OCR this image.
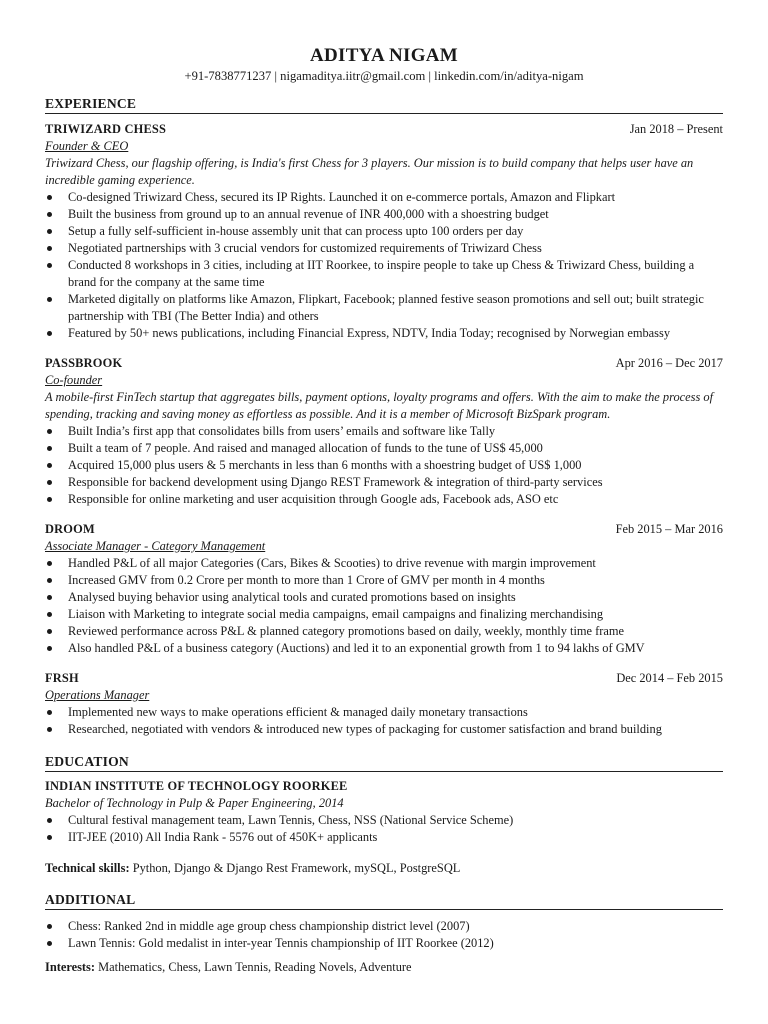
ADITYA NIGAM
+91-7838771237 | nigamaditya.iitr@gmail.com | linkedin.com/in/aditya-nigam
EXPERIENCE
TRIWIZARD CHESS	Jan 2018 – Present
Founder & CEO
Triwizard Chess, our flagship offering, is India's first Chess for 3 players. Our mission is to build company that helps user have an incredible gaming experience.
Co-designed Triwizard Chess, secured its IP Rights. Launched it on e-commerce portals, Amazon and Flipkart
Built the business from ground up to an annual revenue of INR 400,000 with a shoestring budget
Setup a fully self-sufficient in-house assembly unit that can process upto 100 orders per day
Negotiated partnerships with 3 crucial vendors for customized requirements of Triwizard Chess
Conducted 8 workshops in 3 cities, including at IIT Roorkee, to inspire people to take up Chess & Triwizard Chess, building a brand for the company at the same time
Marketed digitally on platforms like Amazon, Flipkart, Facebook; planned festive season promotions and sell out; built strategic partnership with TBI (The Better India) and others
Featured by 50+ news publications, including Financial Express, NDTV, India Today; recognised by Norwegian embassy
PASSBROOK	Apr 2016 – Dec 2017
Co-founder
A mobile-first FinTech startup that aggregates bills, payment options, loyalty programs and offers. With the aim to make the process of spending, tracking and saving money as effortless as possible. And it is a member of Microsoft BizSpark program.
Built India’s first app that consolidates bills from users’ emails and software like Tally
Built a team of 7 people. And raised and managed allocation of funds to the tune of US$ 45,000
Acquired 15,000 plus users & 5 merchants in less than 6 months with a shoestring budget of US$ 1,000
Responsible for backend development using Django REST Framework & integration of third-party services
Responsible for online marketing and user acquisition through Google ads, Facebook ads, ASO etc
DROOM	Feb 2015 – Mar 2016
Associate Manager - Category Management
Handled P&L of all major Categories (Cars, Bikes & Scooties) to drive revenue with margin improvement
Increased GMV from 0.2 Crore per month to more than 1 Crore of GMV per month in 4 months
Analysed buying behavior using analytical tools and curated promotions based on insights
Liaison with Marketing to integrate social media campaigns, email campaigns and finalizing merchandising
Reviewed performance across P&L & planned category promotions based on daily, weekly, monthly time frame
Also handled P&L of a business category (Auctions) and led it to an exponential growth from 1 to 94 lakhs of GMV
FRSH	Dec 2014 – Feb 2015
Operations Manager
Implemented new ways to make operations efficient & managed daily monetary transactions
Researched, negotiated with vendors & introduced new types of packaging for customer satisfaction and brand building
EDUCATION
INDIAN INSTITUTE OF TECHNOLOGY ROORKEE
Bachelor of Technology in Pulp & Paper Engineering, 2014
Cultural festival management team, Lawn Tennis, Chess, NSS (National Service Scheme)
IIT-JEE (2010) All India Rank - 5576 out of 450K+ applicants
Technical skills: Python, Django & Django Rest Framework, mySQL, PostgreSQL
ADDITIONAL
Chess: Ranked 2nd in middle age group chess championship district level (2007)
Lawn Tennis: Gold medalist in inter-year Tennis championship of IIT Roorkee (2012)
Interests: Mathematics, Chess, Lawn Tennis, Reading Novels, Adventure
